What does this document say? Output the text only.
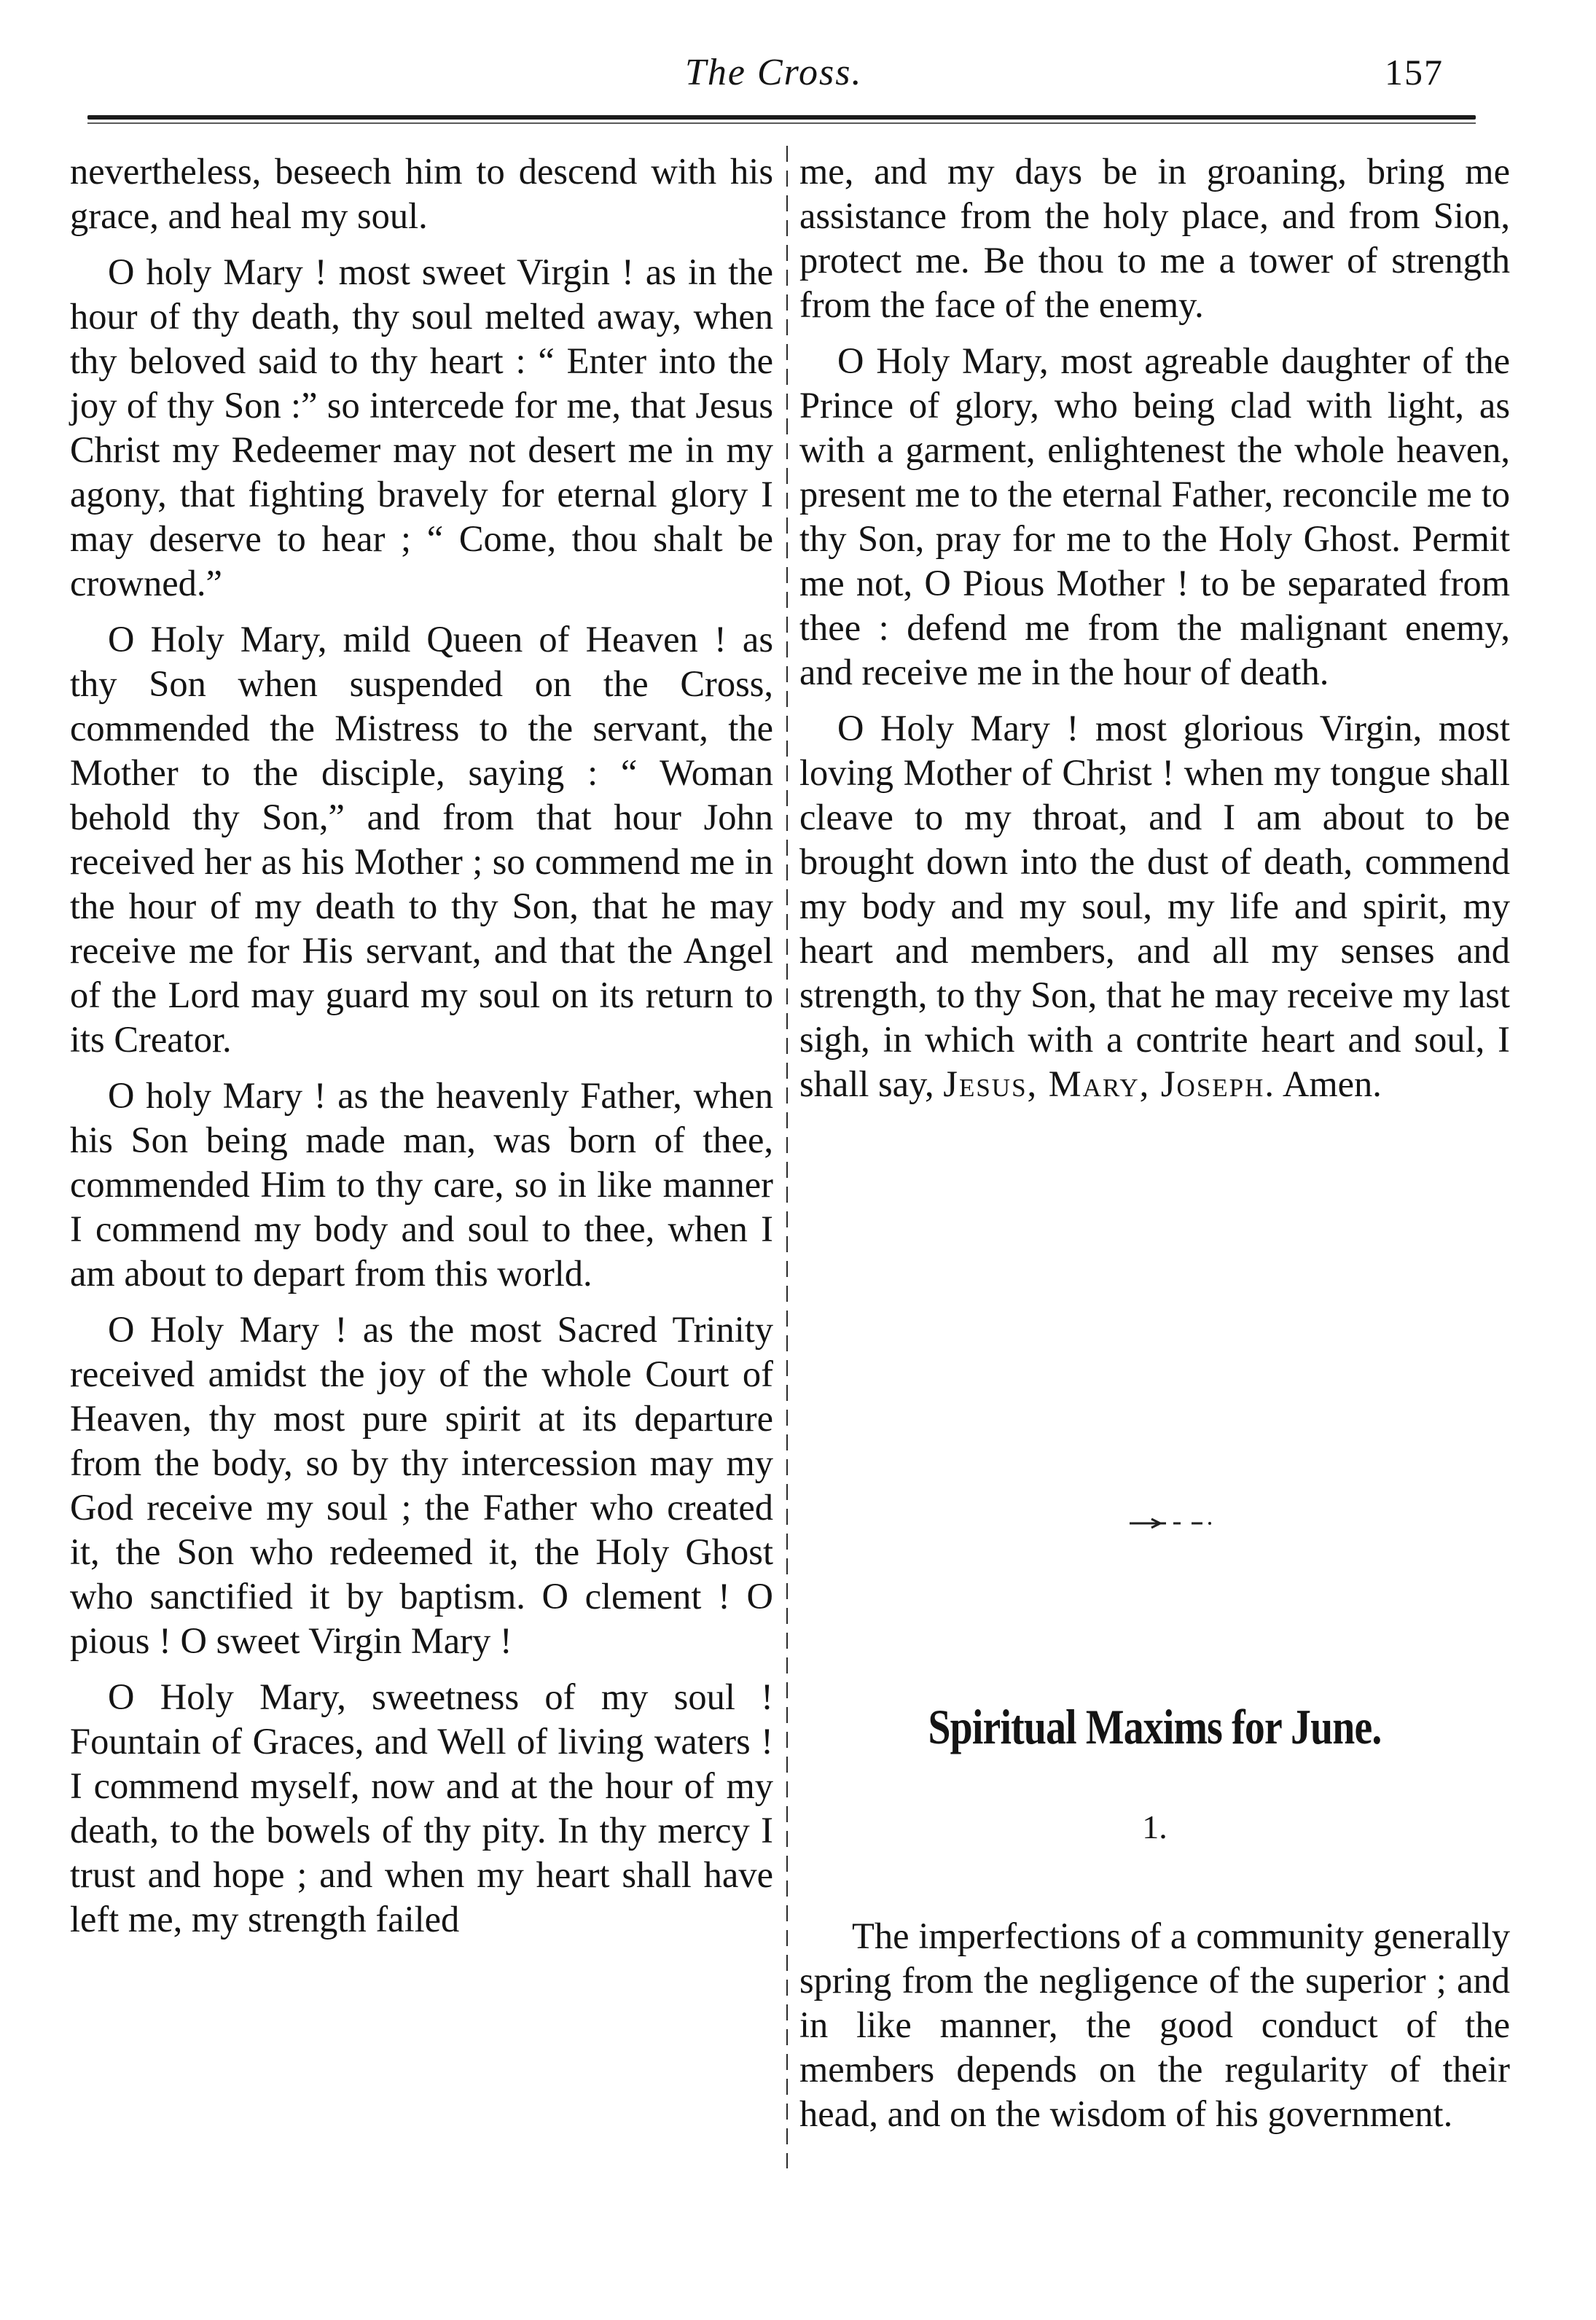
The Cross.	157

nevertheless, beseech him to descend with his grace, and heal my soul.

O holy Mary ! most sweet Virgin ! as in the hour of thy death, thy soul melted away, when thy beloved said to thy heart : “ Enter into the joy of thy Son :” so intercede for me, that Jesus Christ my Redeemer may not desert me in my agony, that fighting bravely for eternal glory I may deserve to hear ; “ Come, thou shalt be crowned.”

O Holy Mary, mild Queen of Heaven ! as thy Son when suspended on the Cross, commended the Mistress to the servant, the Mother to the disciple, saying : “ Woman behold thy Son,” and from that hour John received her as his Mother ; so commend me in the hour of my death to thy Son, that he may receive me for His servant, and that the Angel of the Lord may guard my soul on its return to its Creator.

O holy Mary ! as the heavenly Father, when his Son being made man, was born of thee, commended Him to thy care, so in like manner I commend my body and soul to thee, when I am about to depart from this world.

O Holy Mary ! as the most Sacred Trinity received amidst the joy of the whole Court of Heaven, thy most pure spirit at its departure from the body, so by thy intercession may my God receive my soul ; the Father who created it, the Son who redeemed it, the Holy Ghost who sanctified it by baptism. O clement ! O pious ! O sweet Virgin Mary !

O Holy Mary, sweetness of my soul ! Fountain of Graces, and Well of living waters ! I commend myself, now and at the hour of my death, to the bowels of thy pity. In thy mercy I trust and hope ; and when my heart shall have left me, my strength failed

me, and my days be in groaning, bring me assistance from the holy place, and from Sion, protect me. Be thou to me a tower of strength from the face of the enemy.

O Holy Mary, most agreable daughter of the Prince of glory, who being clad with light, as with a garment, enlightenest the whole heaven, present me to the eternal Father, reconcile me to thy Son, pray for me to the Holy Ghost. Permit me not, O Pious Mother ! to be separated from thee : defend me from the malignant enemy, and receive me in the hour of death.

O Holy Mary ! most glorious Virgin, most loving Mother of Christ ! when my tongue shall cleave to my throat, and I am about to be brought down into the dust of death, commend my body and my soul, my life and spirit, my heart and members, and all my senses and strength, to thy Son, that he may receive my last sigh, in which with a contrite heart and soul, I shall say, Jesus, Mary, Joseph. Amen.

Spiritual Maxims for June.
1.

The imperfections of a community generally spring from the negligence of the superior ; and in like manner, the good conduct of the members depends on the regularity of their head, and on the wisdom of his government.
